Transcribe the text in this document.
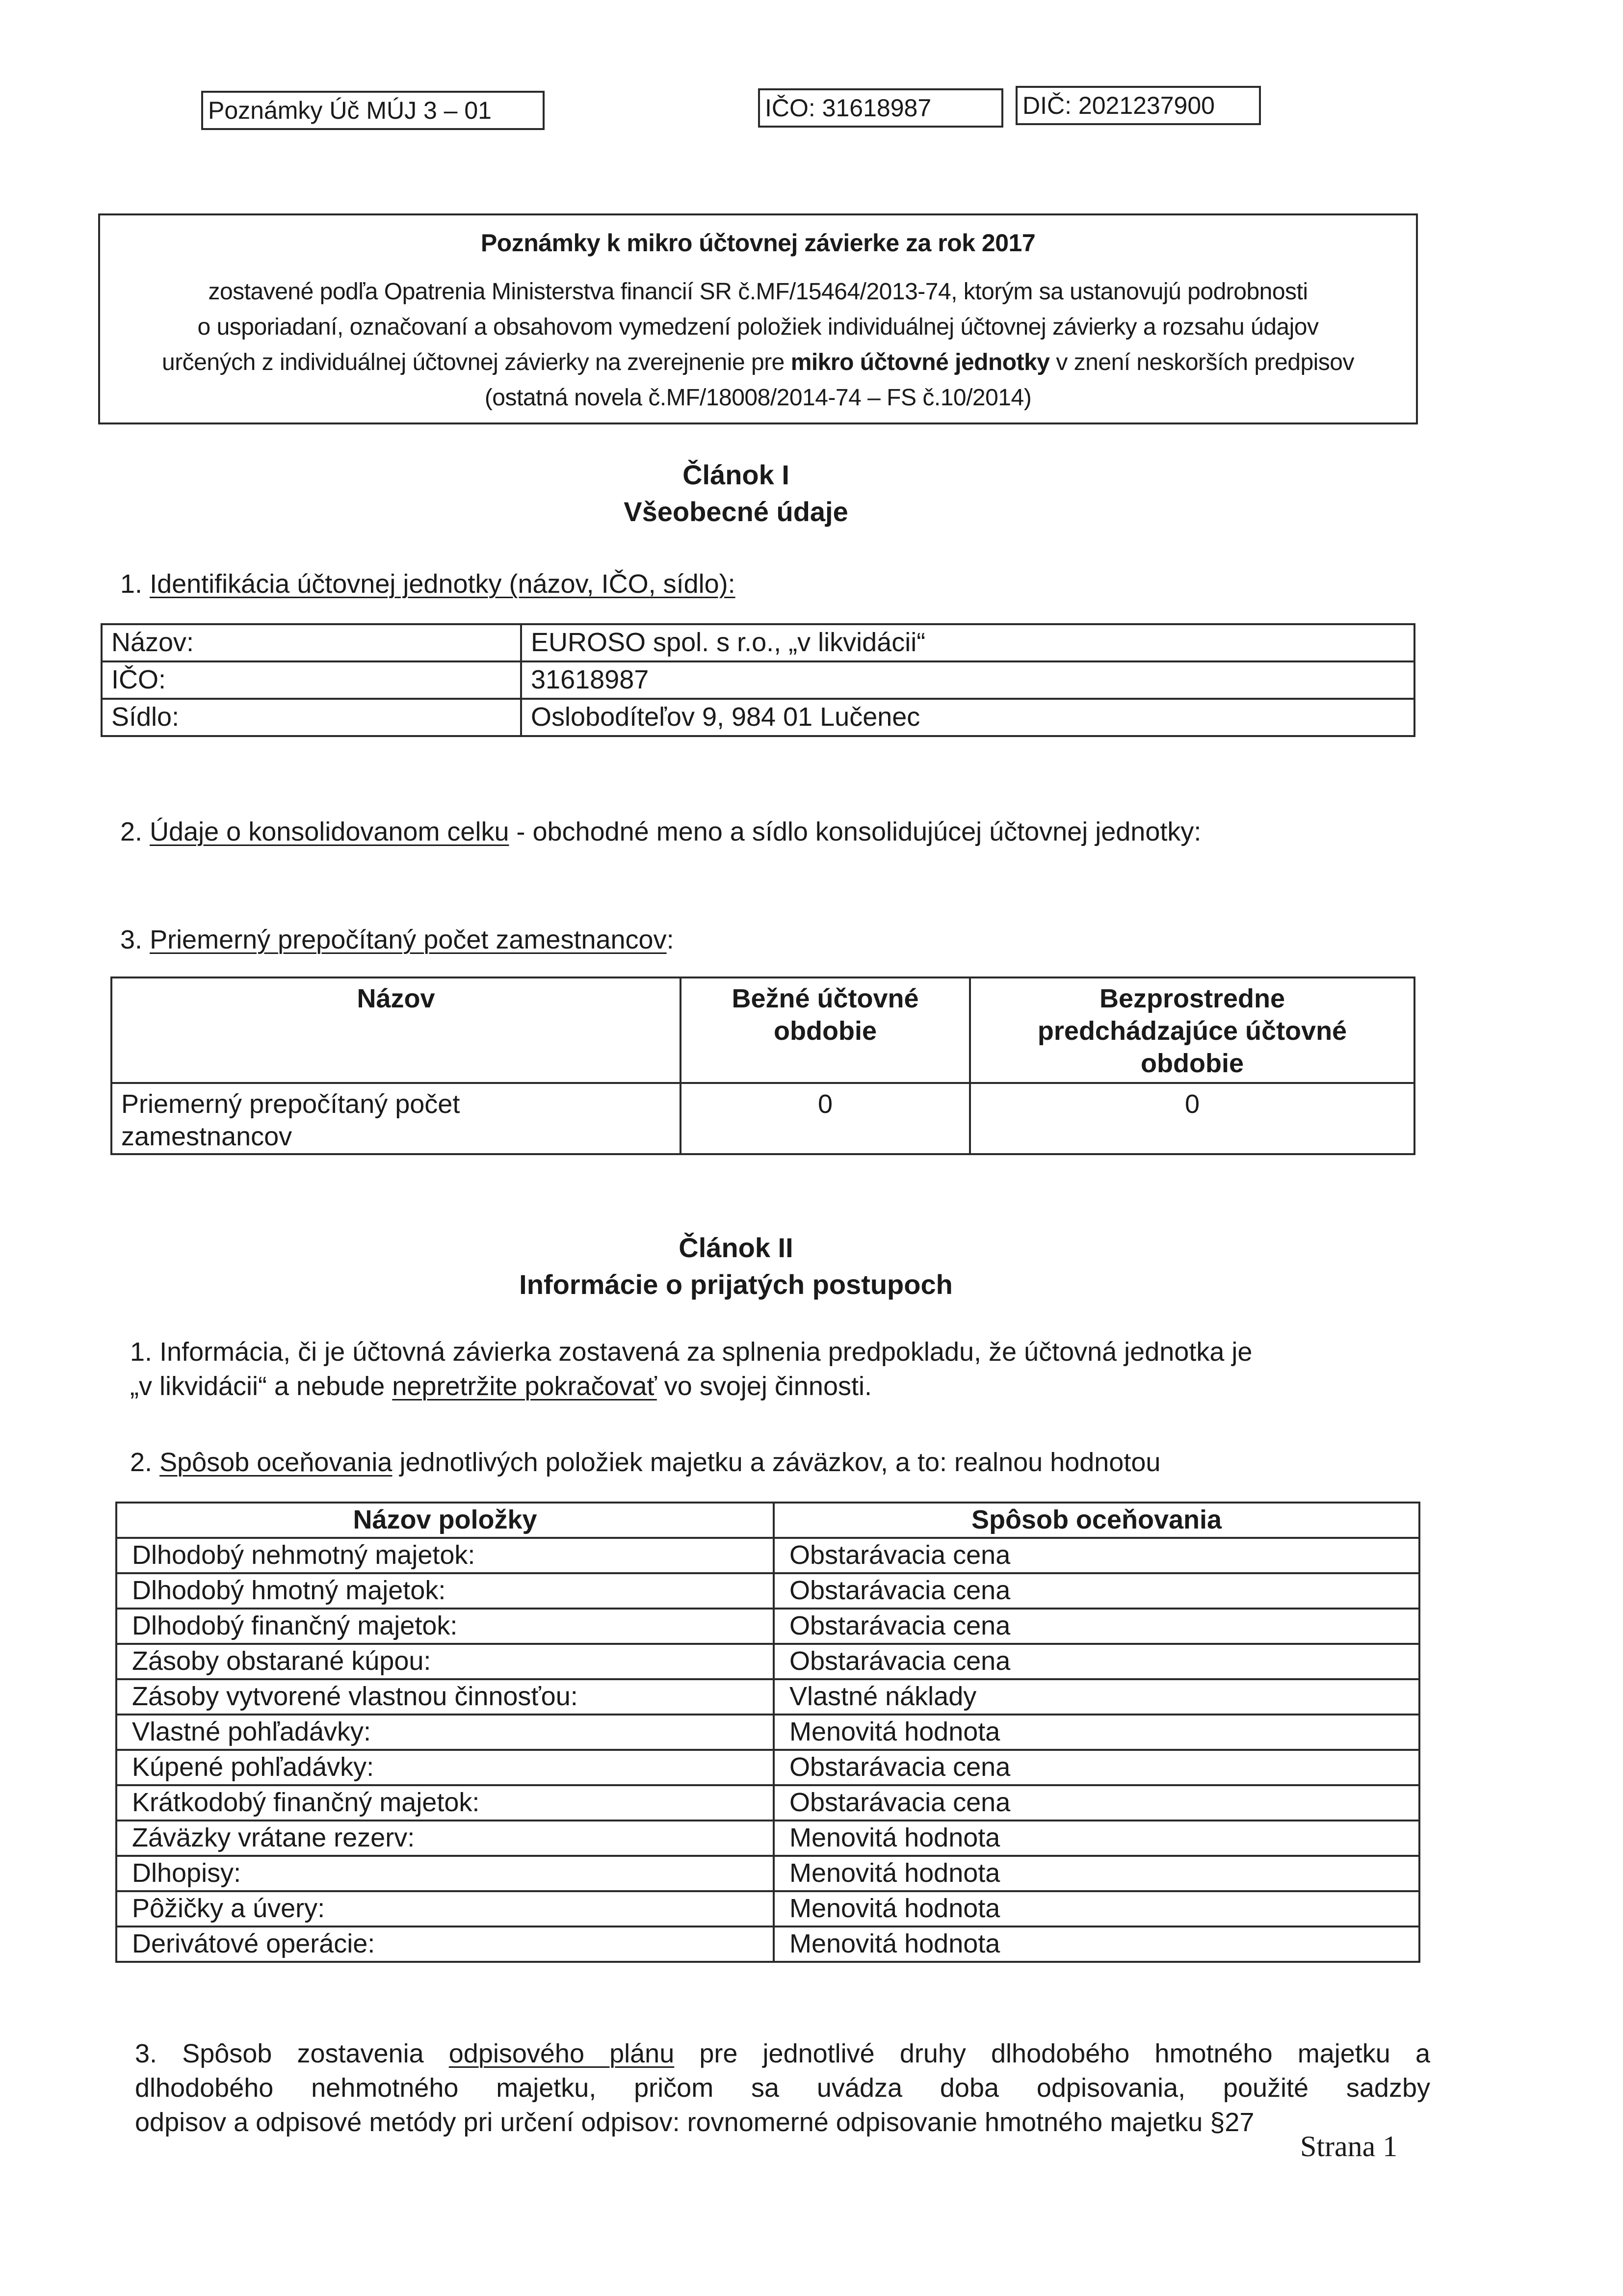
Poznámky Úč MÚJ 3 – 01	IČO: 31618987	DIČ: 2021237900
Poznámky k mikro účtovnej závierke za rok 2017
zostavené podľa Opatrenia Ministerstva financií SR č.MF/15464/2013-74, ktorým sa ustanovujú podrobnosti
o usporiadaní, označovaní a obsahovom vymedzení položiek individuálnej účtovnej závierky a rozsahu údajov
určených z individuálnej účtovnej závierky na zverejnenie pre mikro účtovné jednotky v znení neskorších predpisov
(ostatná novela č.MF/18008/2014-74 – FS č.10/2014)
Článok I
Všeobecné údaje
1. Identifikácia účtovnej jednotky (názov, IČO, sídlo):
Názov:	EUROSO spol. s r.o., „v likvidácii“
IČO:	31618987
Sídlo:	Oslobodíteľov 9, 984 01 Lučenec
2. Údaje o konsolidovanom celku - obchodné meno a sídlo konsolidujúcej účtovnej jednotky:
3. Priemerný prepočítaný počet zamestnancov:
Názov	Bežné účtovné obdobie	Bezprostredne predchádzajúce účtovné obdobie
Priemerný prepočítaný počet zamestnancov	0	0
Článok II
Informácie o prijatých postupoch
1. Informácia, či je účtovná závierka zostavená za splnenia predpokladu, že účtovná jednotka je
„v likvidácii“ a nebude nepretržite pokračovať vo svojej činnosti.
2. Spôsob oceňovania jednotlivých položiek majetku a záväzkov, a to: realnou hodnotou
Názov položky	Spôsob oceňovania
Dlhodobý nehmotný majetok:	Obstarávacia cena
Dlhodobý hmotný majetok:	Obstarávacia cena
Dlhodobý finančný majetok:	Obstarávacia cena
Zásoby obstarané kúpou:	Obstarávacia cena
Zásoby vytvorené vlastnou činnosťou:	Vlastné náklady
Vlastné pohľadávky:	Menovitá hodnota
Kúpené pohľadávky:	Obstarávacia cena
Krátkodobý finančný majetok:	Obstarávacia cena
Záväzky vrátane rezerv:	Menovitá hodnota
Dlhopisy:	Menovitá hodnota
Pôžičky a úvery:	Menovitá hodnota
Derivátové operácie:	Menovitá hodnota
3. Spôsob zostavenia odpisového plánu pre jednotlivé druhy dlhodobého hmotného majetku a
dlhodobého nehmotného majetku, pričom sa uvádza doba odpisovania, použité sadzby
odpisov a odpisové metódy pri určení odpisov: rovnomerné odpisovanie hmotného majetku §27
Strana 1
